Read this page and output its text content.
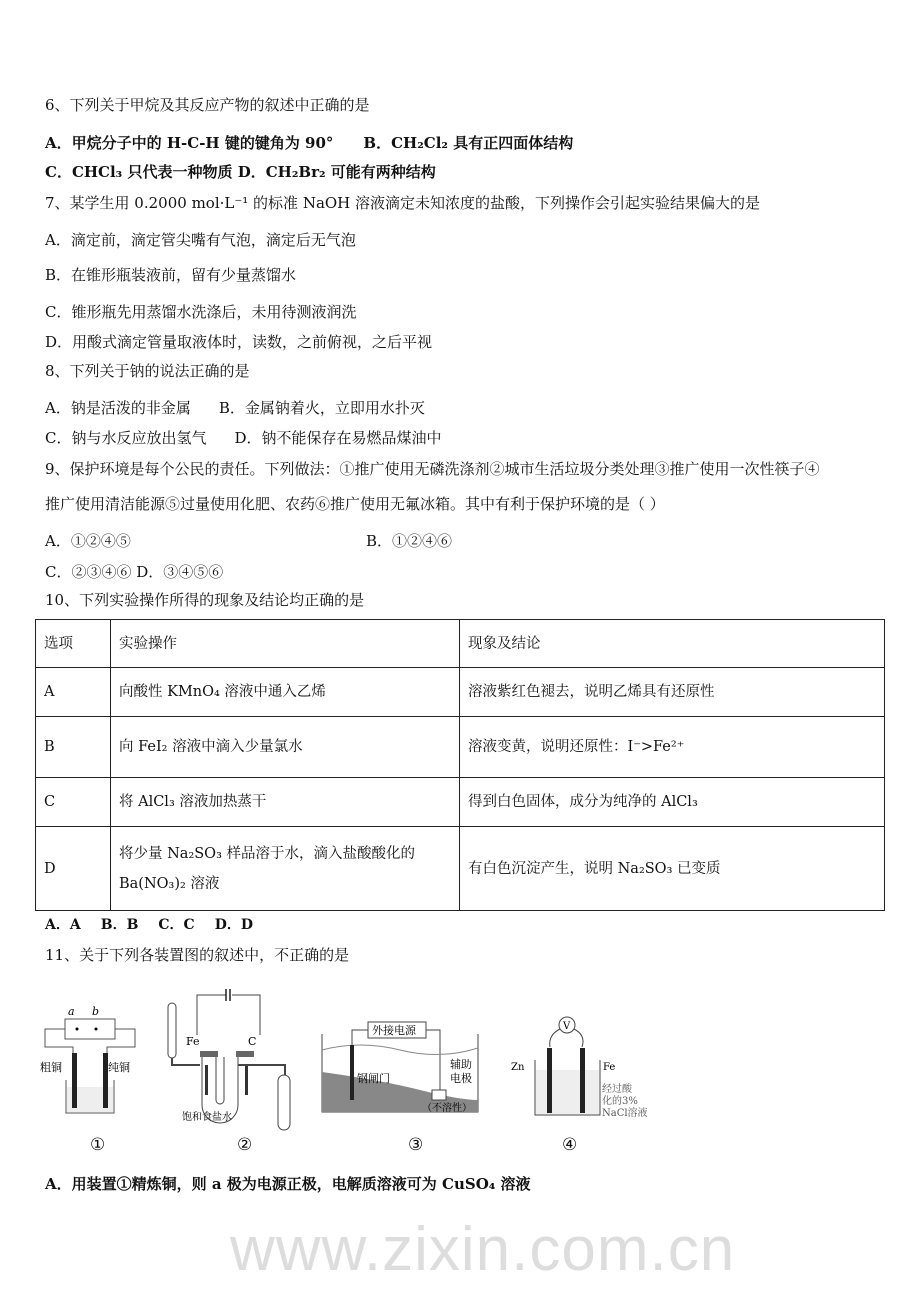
6、下列关于甲烷及其反应产物的叙述中正确的是
A．甲烷分子中的 H-C-H 键的键角为 90° B．CH₂Cl₂ 具有正四面体结构
C．CHCl₃ 只代表一种物质 D．CH₂Br₂ 可能有两种结构
7、某学生用 0.2000 mol·L⁻¹ 的标准 NaOH 溶液滴定未知浓度的盐酸，下列操作会引起实验结果偏大的是
A．滴定前，滴定管尖嘴有气泡，滴定后无气泡
B．在锥形瓶装液前，留有少量蒸馏水
C．锥形瓶先用蒸馏水洗涤后，未用待测液润洗
D．用酸式滴定管量取液体时，读数，之前俯视，之后平视
8、下列关于钠的说法正确的是
A．钠是活泼的非金属 B．金属钠着火，立即用水扑灭
C．钠与水反应放出氢气 D．钠不能保存在易燃品煤油中
9、保护环境是每个公民的责任。下列做法：①推广使用无磷洗涤剂②城市生活垃圾分类处理③推广使用一次性筷子④
推广使用清洁能源⑤过量使用化肥、农药⑥推广使用无氟冰箱。其中有利于保护环境的是（ ）
A．①②④⑤	B．①②④⑥
C．②③④⑥ D．③④⑤⑥
10、下列实验操作所得的现象及结论均正确的是
选项	实验操作	现象及结论
A	向酸性 KMnO₄ 溶液中通入乙烯	溶液紫红色褪去，说明乙烯具有还原性
B	向 FeI₂ 溶液中滴入少量氯水	溶液变黄，说明还原性：I⁻>Fe²⁺
C	将 AlCl₃ 溶液加热蒸干	得到白色固体，成分为纯净的 AlCl₃
D	将少量 Na₂SO₃ 样品溶于水，滴入盐酸酸化的
Ba(NO₃)₂ 溶液	有白色沉淀产生，说明 Na₂SO₃ 已变质
A．A B．B C．C D．D
11、关于下列各装置图的叙述中，不正确的是
a b
粗铜	纯铜
Fe	C
饱和食盐水
外接电源
钢闸门
辅助
电极
（不溶性）
V
Zn	Fe
经过酸
化的3%
NaCl溶液
①	②	③	④
A．用装置①精炼铜，则 a 极为电源正极，电解质溶液可为 CuSO₄ 溶液
www.zixin.com.cn
